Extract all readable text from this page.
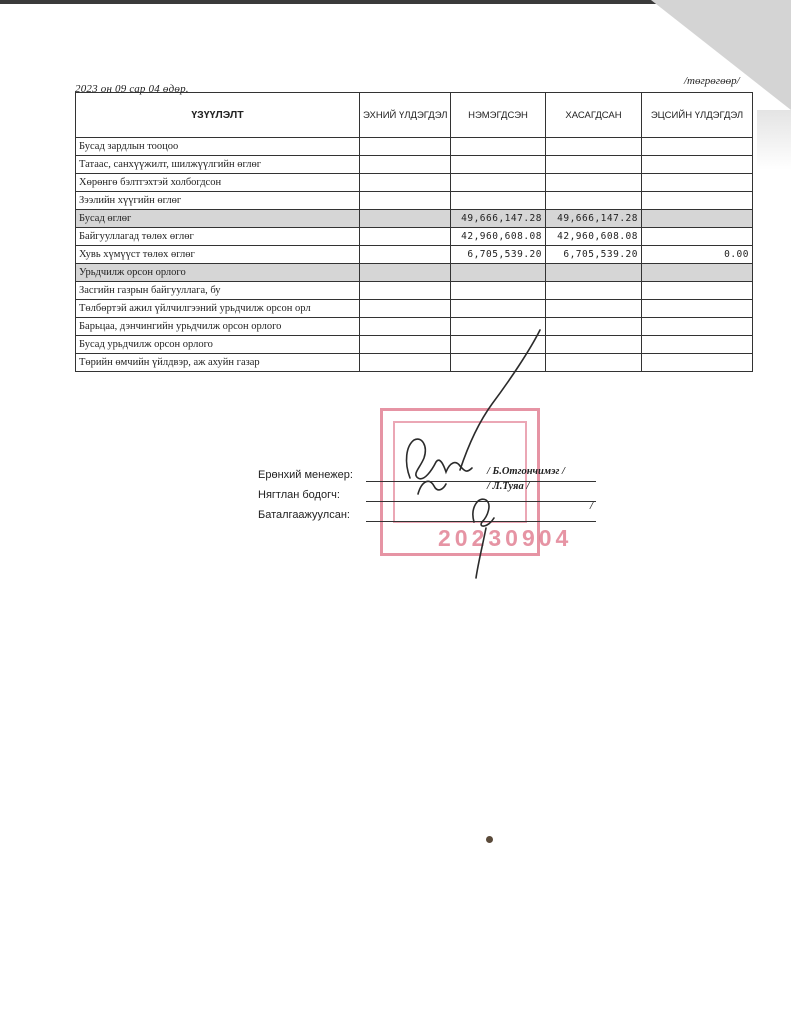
2023 он 09 сар 04 өдөр.
/төгрөгөөр/
ҮЗҮҮЛЭЛТ	ЭХНИЙ ҮЛДЭГДЭЛ	НЭМЭГДСЭН	ХАСАГДСАН	ЭЦСИЙН ҮЛДЭГДЭЛ
Бусад зардлын тооцоо				
Татаас, санхүүжилт, шилжүүлгийн өглөг				
Хөрөнгө бэлтгэхтэй холбогдсон				
Зээлийн хүүгийн өглөг				
Бусад өглөг		49,666,147.28	49,666,147.28	
Байгууллагад төлөх өглөг		42,960,608.08	42,960,608.08	
Хувь хүмүүст төлөх өглөг		6,705,539.20	6,705,539.20	0.00
Урьдчилж орсон орлого				
Засгийн газрын байгууллага, бу				
Төлбөртэй ажил үйлчилгээний урьдчилж орсон орл				
Барьцаа, дэнчингийн урьдчилж орсон орлого				
Бусад урьдчилж орсон орлого				
Төрийн өмчийн үйлдвэр, аж ахуйн газар				
20230904
Ерөнхий менежер:	/ Б.Отгончимэг /
Нягтлан бодогч:
/ Л.Туяа /
Баталгаажуулсан:
/
